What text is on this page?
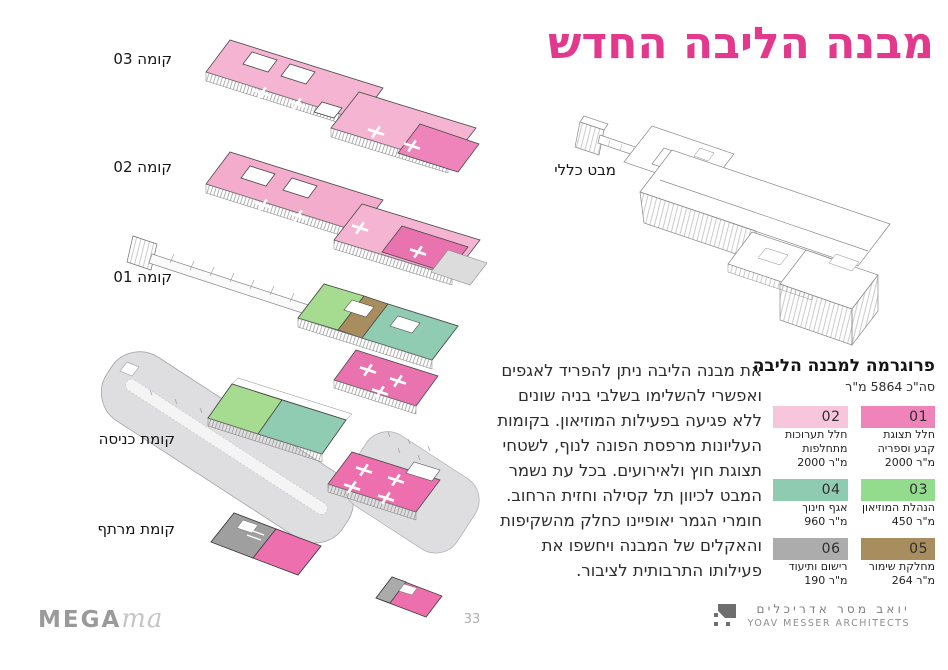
מבנה הליבה החדש
קומה 03
קומה 02
קומה 01
קומת כניסה
קומת מרתף
מבט כללי
את מבנה הליבה ניתן להפריד לאגפים
ואפשרי להשלימו בשלבי בניה שונים
ללא פגיעה בפעילות המוזיאון. בקומות
העליונות מרפסת הפונה לנוף, לשטחי
תצוגת חוץ ולאירועים. בכל עת נשמר
המבט לכיוון תל קסילה וחזית הרחוב.
חומרי הגמר יאופיינו כחלק מהשקיפות
והאקלים של המבנה ויחשפו את
פעילותו התרבותית לציבור.
פרוגרמה למבנה הליבה
סה"כ 5864 מ"ר
01
חלל תצוגת
קבע וספריה
2000 מ"ר
02
חלל תערוכות
מתחלפות
2000 מ"ר
03
הנהלת המוזיאון
450 מ"ר
04
אגף חינוך
960 מ"ר
05
מחלקת שימור
264 מ"ר
06
רישום ותיעוד
190 מ"ר
MEGAma	33
יואב מסר אדריכלים
YOAV MESSER ARCHITECTS
